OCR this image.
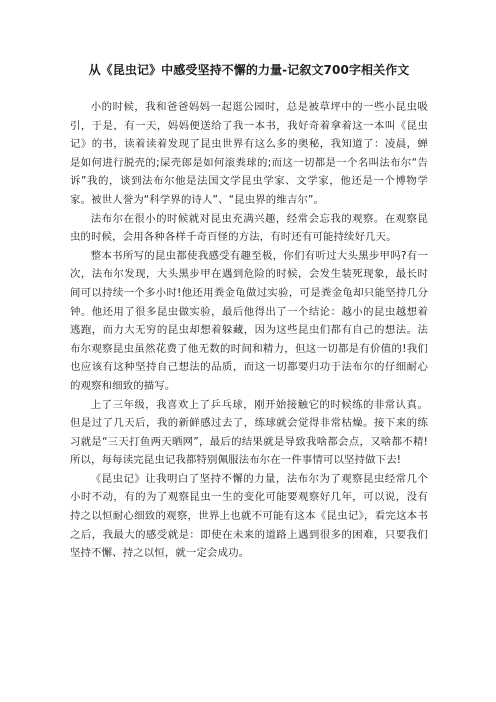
从《昆虫记》中感受坚持不懈的力量-记叙文700字相关作文

小的时候，我和爸爸妈妈一起逛公园时，总是被草坪中的一些小昆虫吸引，于是，有一天，妈妈便送给了我一本书，我好奇着拿着这一本叫《昆虫记》的书，读着读着发现了昆虫世界有这么多的奥秘，我知道了：凌晨，蝉是如何进行脱壳的;屎壳郎是如何滚粪球的;而这一切都是一个名叫法布尔“告诉”我的，谈到法布尔他是法国文学昆虫学家、文学家，他还是一个博物学家。被世人誉为“科学界的诗人”、“昆虫界的维吉尔”。

法布尔在很小的时候就对昆虫充满兴趣，经常会忘我的观察。在观察昆虫的时候，会用各种各样千奇百怪的方法，有时还有可能持续好几天。

整本书所写的昆虫都使我感受有趣至极，你们有听过大头黑步甲吗?有一次，法布尔发现，大头黑步甲在遇到危险的时候，会发生装死现象，最长时间可以持续一个多小时!他还用粪金龟做过实验，可是粪金龟却只能坚持几分钟。他还用了很多昆虫做实验，最后他得出了一个结论：越小的昆虫越想着逃跑，而力大无穷的昆虫却想着躲藏，因为这些昆虫们都有自己的想法。法布尔观察昆虫虽然花费了他无数的时间和精力，但这一切都是有价值的!我们也应该有这种坚持自己想法的品质，而这一切都要归功于法布尔的仔细耐心的观察和细致的描写。

上了三年级，我喜欢上了乒乓球，刚开始接触它的时候练的非常认真。但是过了几天后，我的新鲜感过去了，练球就会觉得非常枯燥。接下来的练习就是“三天打鱼两天晒网”，最后的结果就是导致我啥都会点，又啥都不精!所以，每每读完昆虫记我都特别佩服法布尔在一件事情可以坚持做下去!

《昆虫记》让我明白了坚持不懈的力量，法布尔为了观察昆虫经常几个小时不动，有的为了观察昆虫一生的变化可能要观察好几年，可以说，没有持之以恒耐心细致的观察，世界上也就不可能有这本《昆虫记》，看完这本书之后，我最大的感受就是：即使在未来的道路上遇到很多的困难，只要我们坚持不懈、持之以恒，就一定会成功。
